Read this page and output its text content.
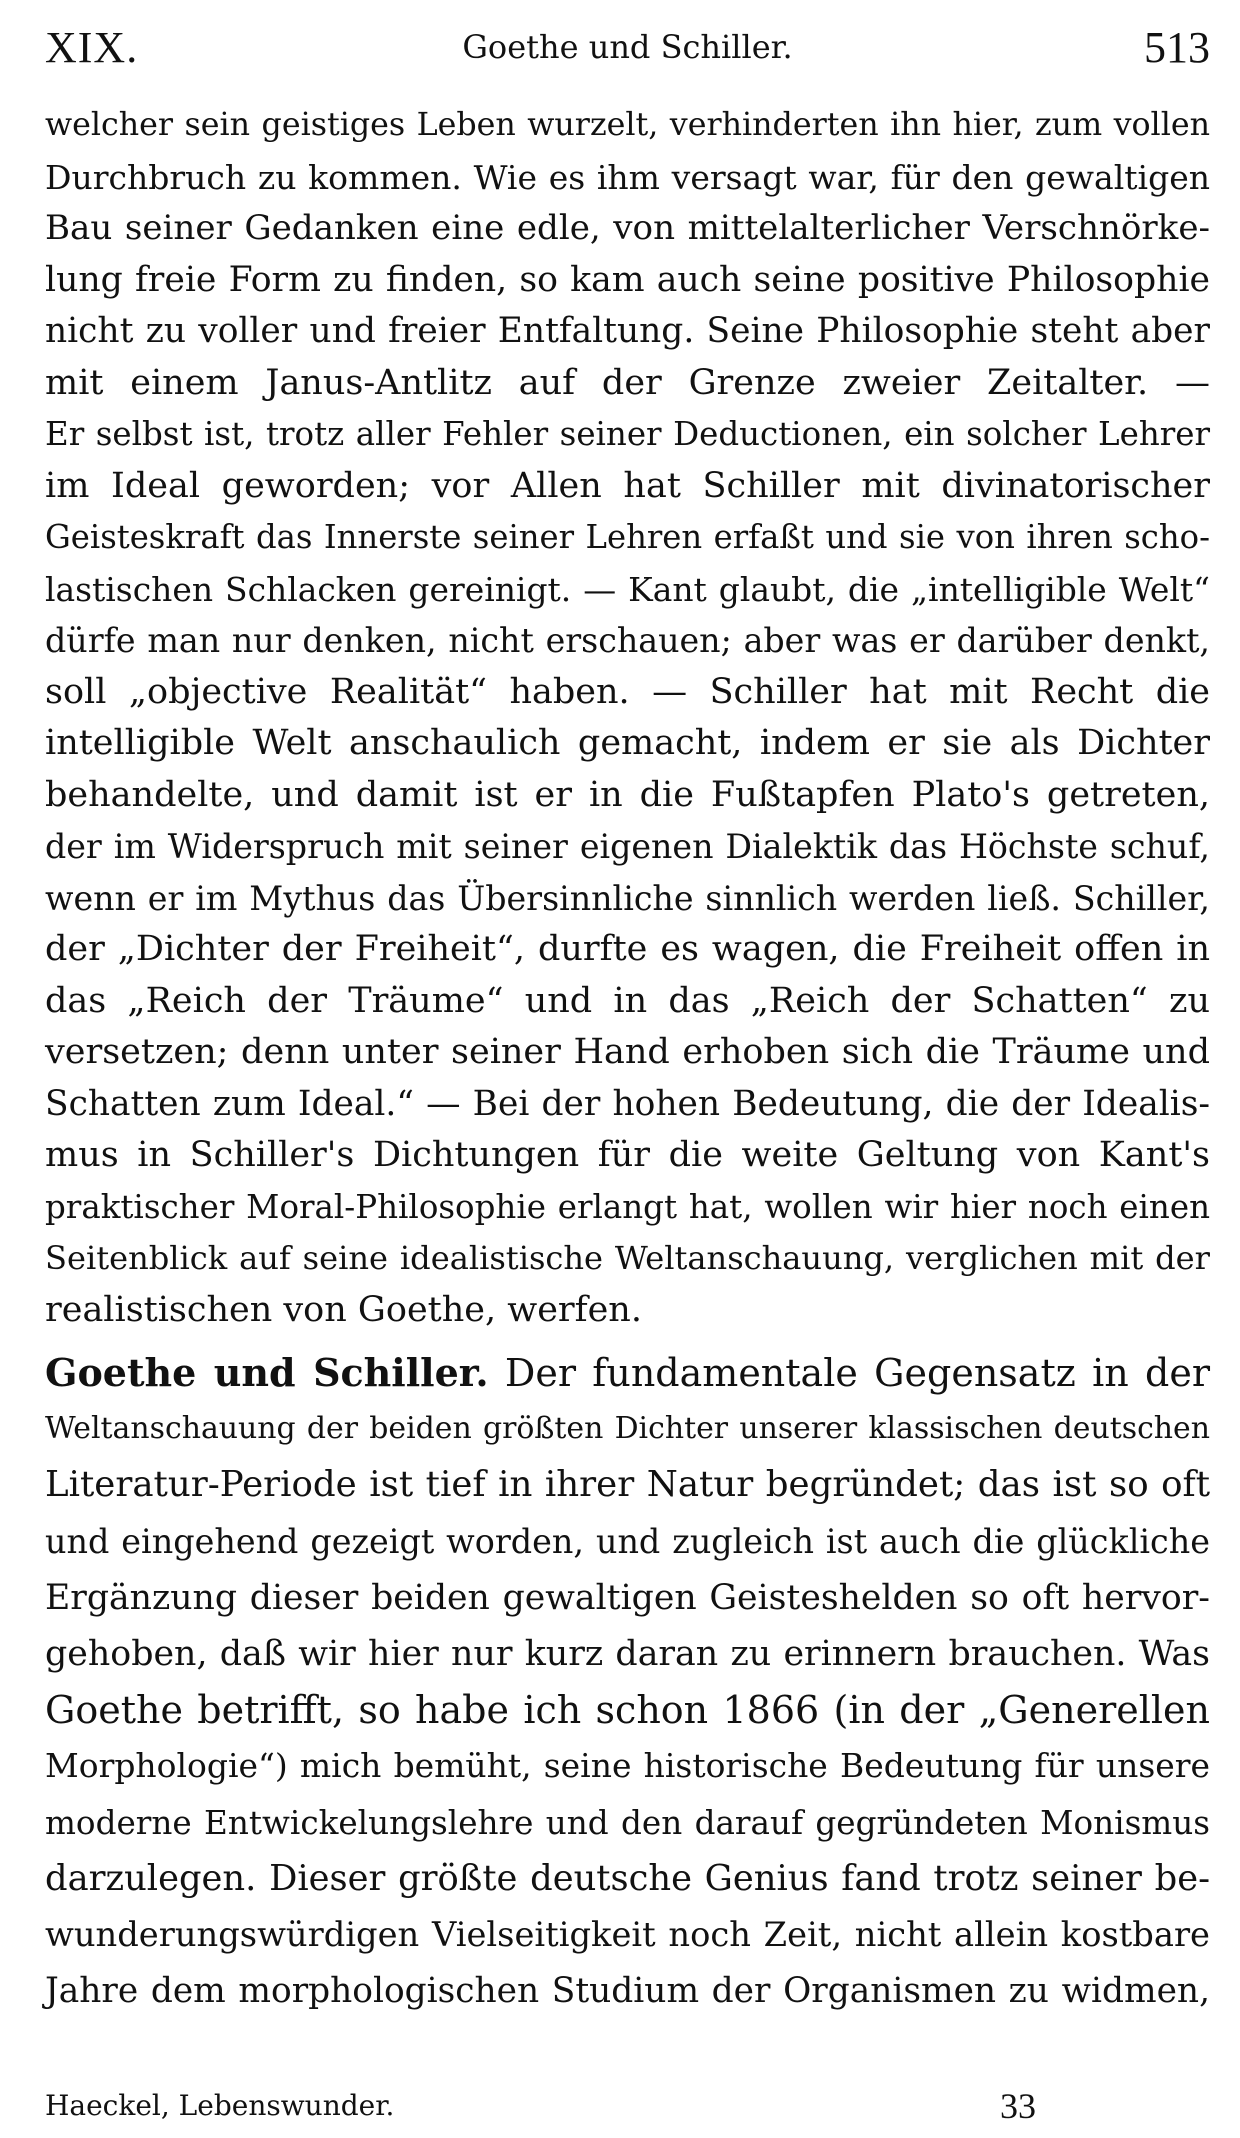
XIX.	Goethe und Schiller.	513
welcher sein geistiges Leben wurzelt, verhinderten ihn hier, zum vollen
Durchbruch zu kommen. Wie es ihm versagt war, für den gewaltigen
Bau seiner Gedanken eine edle, von mittelalterlicher Verschnörke-
lung freie Form zu finden, so kam auch seine positive Philosophie
nicht zu voller und freier Entfaltung. Seine Philosophie steht aber
mit einem Janus-Antlitz auf der Grenze zweier Zeitalter. —
Er selbst ist, trotz aller Fehler seiner Deductionen, ein solcher Lehrer
im Ideal geworden; vor Allen hat Schiller mit divinatorischer
Geisteskraft das Innerste seiner Lehren erfaßt und sie von ihren scho-
lastischen Schlacken gereinigt. — Kant glaubt, die „intelligible Welt“
dürfe man nur denken, nicht erschauen; aber was er darüber denkt,
soll „objective Realität“ haben. — Schiller hat mit Recht die
intelligible Welt anschaulich gemacht, indem er sie als Dichter
behandelte, und damit ist er in die Fußtapfen Plato's getreten,
der im Widerspruch mit seiner eigenen Dialektik das Höchste schuf,
wenn er im Mythus das Übersinnliche sinnlich werden ließ. Schiller,
der „Dichter der Freiheit“, durfte es wagen, die Freiheit offen in
das „Reich der Träume“ und in das „Reich der Schatten“ zu
versetzen; denn unter seiner Hand erhoben sich die Träume und
Schatten zum Ideal.“ — Bei der hohen Bedeutung, die der Idealis-
mus in Schiller's Dichtungen für die weite Geltung von Kant's
praktischer Moral-Philosophie erlangt hat, wollen wir hier noch einen
Seitenblick auf seine idealistische Weltanschauung, verglichen mit der
realistischen von Goethe, werfen.
Goethe und Schiller. Der fundamentale Gegensatz in der
Weltanschauung der beiden größten Dichter unserer klassischen deutschen
Literatur-Periode ist tief in ihrer Natur begründet; das ist so oft
und eingehend gezeigt worden, und zugleich ist auch die glückliche
Ergänzung dieser beiden gewaltigen Geisteshelden so oft hervor-
gehoben, daß wir hier nur kurz daran zu erinnern brauchen. Was
Goethe betrifft, so habe ich schon 1866 (in der „Generellen
Morphologie“) mich bemüht, seine historische Bedeutung für unsere
moderne Entwickelungslehre und den darauf gegründeten Monismus
darzulegen. Dieser größte deutsche Genius fand trotz seiner be-
wunderungswürdigen Vielseitigkeit noch Zeit, nicht allein kostbare
Jahre dem morphologischen Studium der Organismen zu widmen,
Haeckel, Lebenswunder.	33
